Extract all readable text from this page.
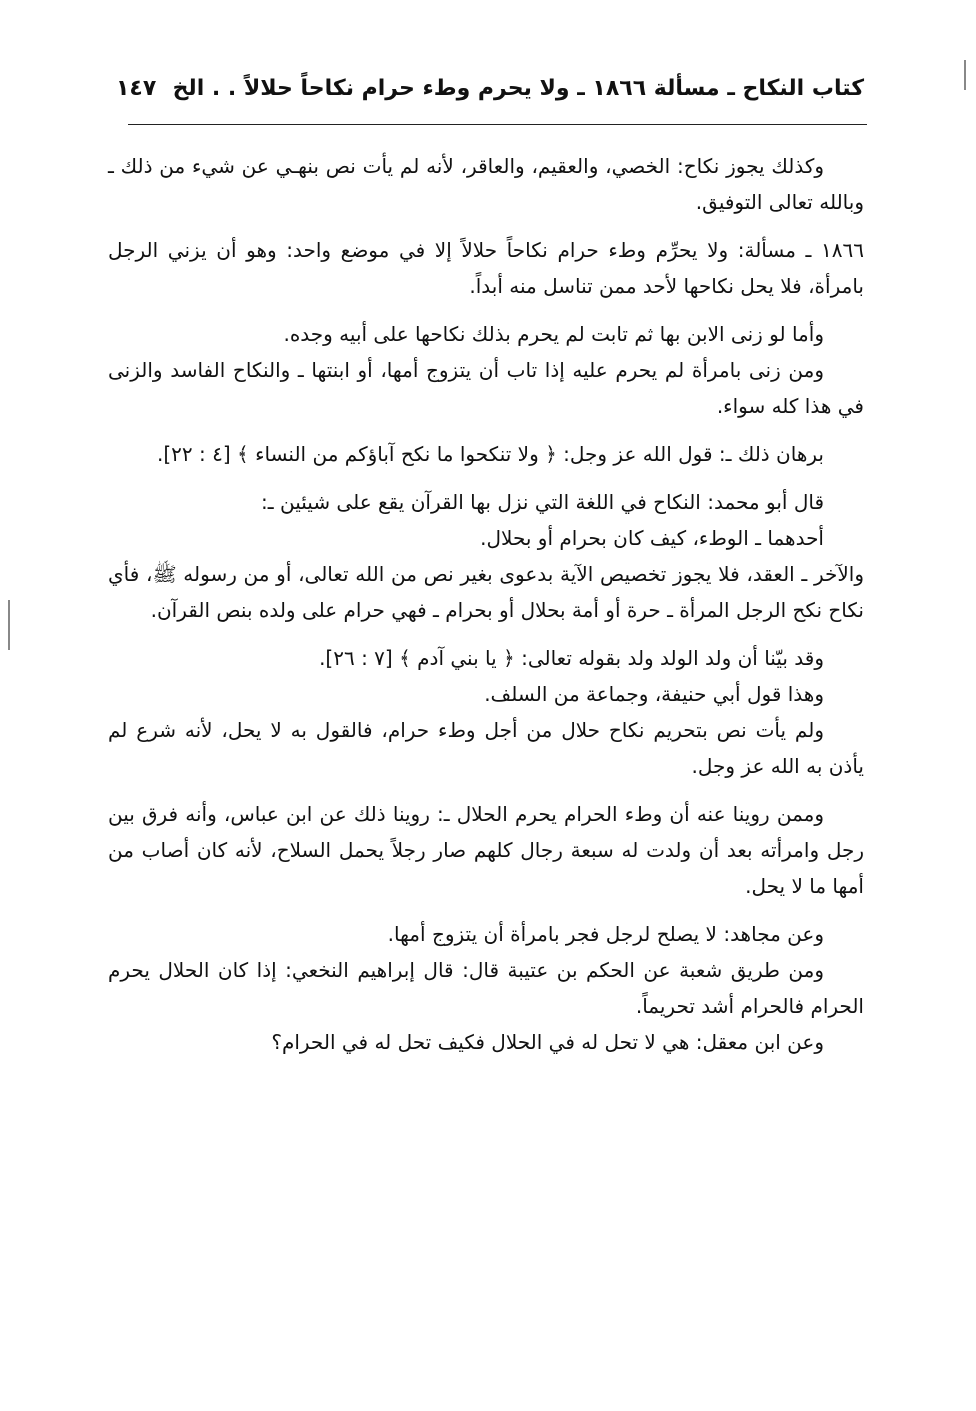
كتاب النكاح ـ مسألة ١٨٦٦ ـ ولا يحرم وطء حرام نكاحاً حلالاً . . الخ
١٤٧

وكذلك يجوز نكاح: الخصي، والعقيم، والعاقر، لأنه لم يأت نص بنهـي عن شيء من ذلك ـ وبالله تعالى التوفيق.

١٨٦٦ ـ مسألة: ولا يحرِّم وطء حرام نكاحاً حلالاً إلا في موضع واحد: وهو أن يزني الرجل بامرأة، فلا يحل نكاحها لأحد ممن تناسل منه أبداً.

وأما لو زنى الابن بها ثم تابت لم يحرم بذلك نكاحها على أبيه وجده.

ومن زنى بامرأة لم يحرم عليه إذا تاب أن يتزوج أمها، أو ابنتها ـ والنكاح الفاسد والزنى في هذا كله سواء.

برهان ذلك ـ: قول الله عز وجل: ﴿ ولا تنكحوا ما نكح آباؤكم من النساء ﴾ [٤ : ٢٢].

قال أبو محمد: النكاح في اللغة التي نزل بها القرآن يقع على شيئين ـ:

أحدهما ـ الوطء، كيف كان بحرام أو بحلال.

والآخر ـ العقد، فلا يجوز تخصيص الآية بدعوى بغير نص من الله تعالى، أو من رسوله ﷺ، فأي نكاح نكح الرجل المرأة ـ حرة أو أمة بحلال أو بحرام ـ فهي حرام على ولده بنص القرآن.

وقد بيّنا أن ولد الولد ولد بقوله تعالى: ﴿ يا بني آدم ﴾ [٧ : ٢٦].

وهذا قول أبي حنيفة، وجماعة من السلف.

ولم يأت نص بتحريم نكاح حلال من أجل وطء حرام، فالقول به لا يحل، لأنه شرع لم يأذن به الله عز وجل.

وممن روينا عنه أن وطء الحرام يحرم الحلال ـ: روينا ذلك عن ابن عباس، وأنه فرق بين رجل وامرأته بعد أن ولدت له سبعة رجال كلهم صار رجلاً يحمل السلاح، لأنه كان أصاب من أمها ما لا يحل.

وعن مجاهد: لا يصلح لرجل فجر بامرأة أن يتزوج أمها.

ومن طريق شعبة عن الحكم بن عتيبة قال: قال إبراهيم النخعي: إذا كان الحلال يحرم الحرام فالحرام أشد تحريماً.

وعن ابن معقل: هي لا تحل له في الحلال فكيف تحل له في الحرام؟
